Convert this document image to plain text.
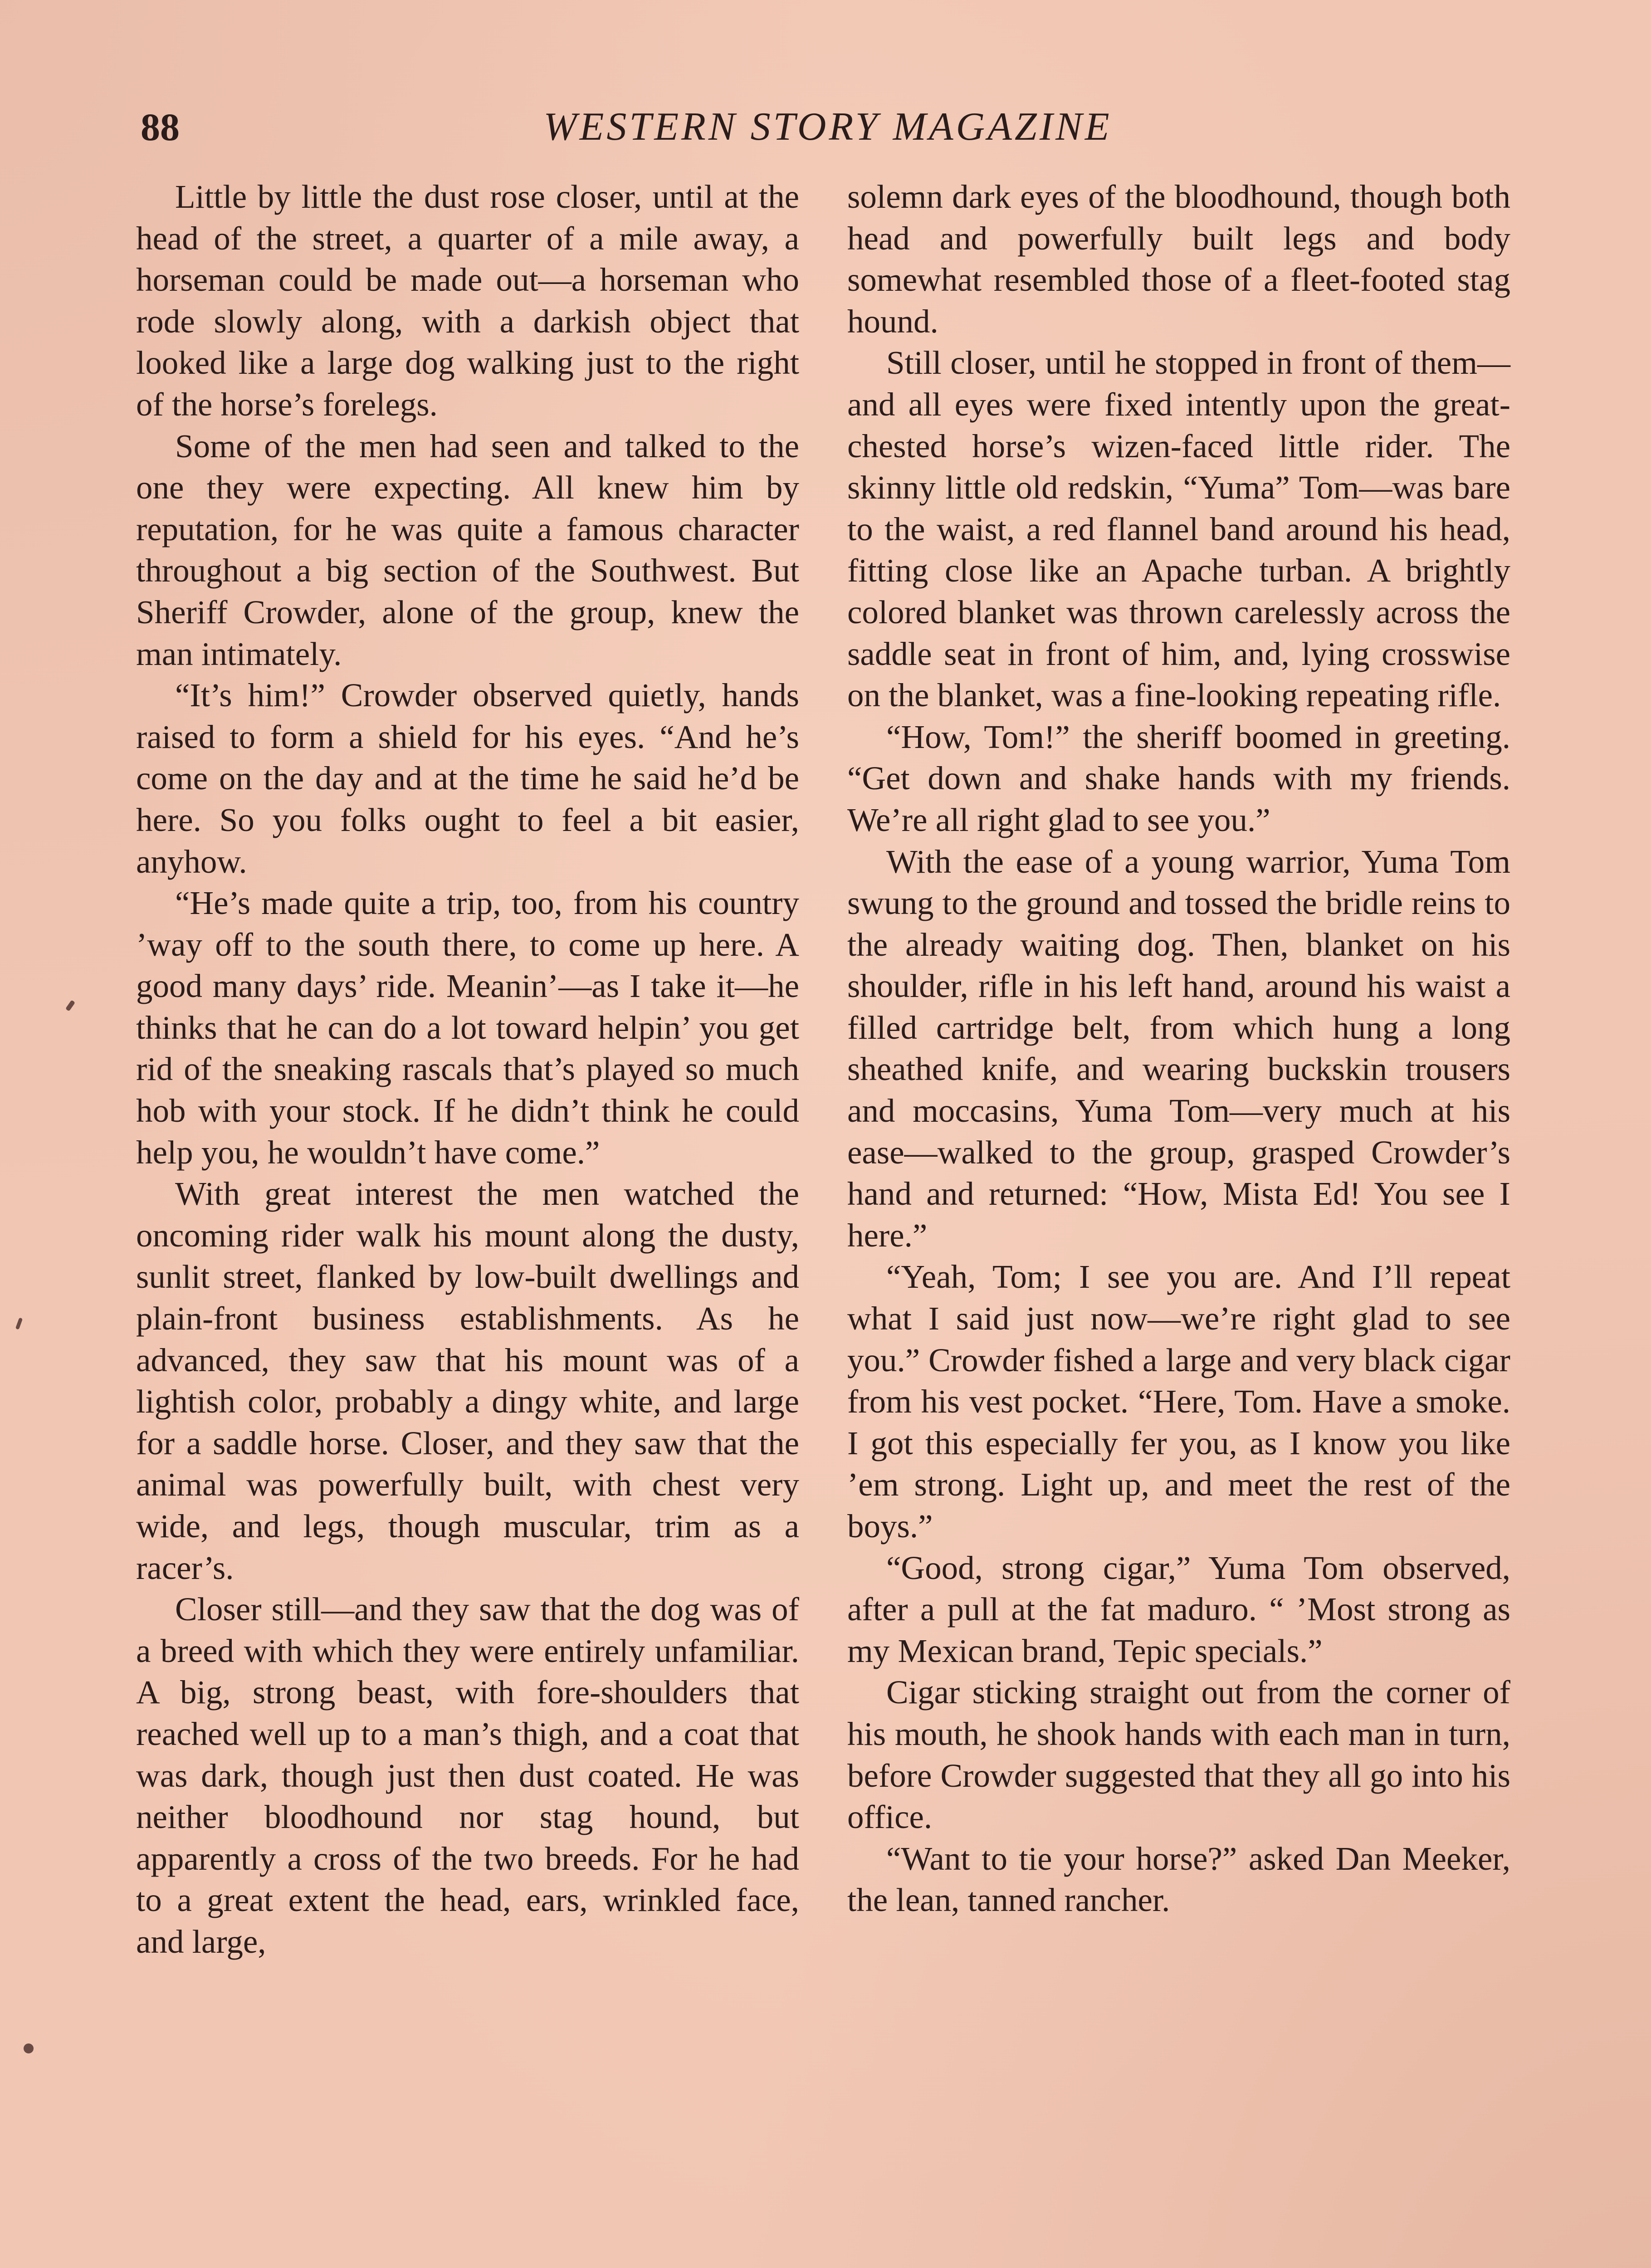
88	WESTERN STORY MAGAZINE

Little by little the dust rose closer, until at the head of the street, a quarter of a mile away, a horseman could be made out—a horseman who rode slowly along, with a darkish object that looked like a large dog walking just to the right of the horse’s forelegs.

Some of the men had seen and talked to the one they were expecting. All knew him by reputation, for he was quite a famous character throughout a big section of the Southwest. But Sheriff Crowder, alone of the group, knew the man intimately.

“It’s him!” Crowder observed quietly, hands raised to form a shield for his eyes. “And he’s come on the day and at the time he said he’d be here. So you folks ought to feel a bit easier, anyhow.

“He’s made quite a trip, too, from his country ’way off to the south there, to come up here. A good many days’ ride. Meanin’—as I take it—he thinks that he can do a lot toward helpin’ you get rid of the sneaking rascals that’s played so much hob with your stock. If he didn’t think he could help you, he wouldn’t have come.”

With great interest the men watched the oncoming rider walk his mount along the dusty, sunlit street, flanked by low-built dwellings and plain-front business establishments. As he advanced, they saw that his mount was of a lightish color, probably a dingy white, and large for a saddle horse. Closer, and they saw that the animal was powerfully built, with chest very wide, and legs, though muscular, trim as a racer’s.

Closer still—and they saw that the dog was of a breed with which they were entirely unfamiliar. A big, strong beast, with fore-shoulders that reached well up to a man’s thigh, and a coat that was dark, though just then dust coated. He was neither bloodhound nor stag hound, but apparently a cross of the two breeds. For he had to a great extent the head, ears, wrinkled face, and large,

solemn dark eyes of the bloodhound, though both head and powerfully built legs and body somewhat resembled those of a fleet-footed stag hound.

Still closer, until he stopped in front of them—and all eyes were fixed intently upon the great-chested horse’s wizen-faced little rider. The skinny little old redskin, “Yuma” Tom—was bare to the waist, a red flannel band around his head, fitting close like an Apache turban. A brightly colored blanket was thrown carelessly across the saddle seat in front of him, and, lying crosswise on the blanket, was a fine-looking repeating rifle.

“How, Tom!” the sheriff boomed in greeting. “Get down and shake hands with my friends. We’re all right glad to see you.”

With the ease of a young warrior, Yuma Tom swung to the ground and tossed the bridle reins to the already waiting dog. Then, blanket on his shoulder, rifle in his left hand, around his waist a filled cartridge belt, from which hung a long sheathed knife, and wearing buckskin trousers and moccasins, Yuma Tom—very much at his ease—walked to the group, grasped Crowder’s hand and returned: “How, Mista Ed! You see I here.”

“Yeah, Tom; I see you are. And I’ll repeat what I said just now—we’re right glad to see you.” Crowder fished a large and very black cigar from his vest pocket. “Here, Tom. Have a smoke. I got this especially fer you, as I know you like ’em strong. Light up, and meet the rest of the boys.”

“Good, strong cigar,” Yuma Tom observed, after a pull at the fat maduro. “ ’Most strong as my Mexican brand, Tepic specials.”

Cigar sticking straight out from the corner of his mouth, he shook hands with each man in turn, before Crowder suggested that they all go into his office.

“Want to tie your horse?” asked Dan Meeker, the lean, tanned rancher.
